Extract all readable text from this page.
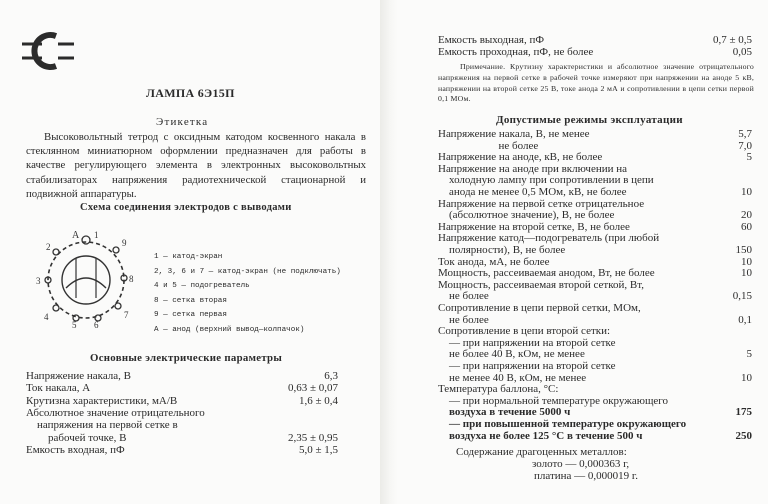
ЛАМПА 6Э15П
Этикетка
Высоковольтный тетрод с оксидным катодом косвенного накала в стеклянном миниатюрном оформлении предназначен для работы в качестве регулирующего элемента в электронных высоковольтных стабилизаторах напряжения радиотехнической стационарной и подвижной аппаратуры.
Схема соединения электродов с выводами
А 1
2
3
4
5 6
7
8
9
1 — катод-экран
2, 3, 6 и 7 — катод-экран (не подключать)
4 и 5 — подогреватель
8 — сетка вторая
9 — сетка первая
А — анод (верхний вывод—колпачок)
Основные электрические параметры
Напряжение накала, В	6,3
Ток накала, А	0,63 ± 0,07
Крутизна характеристики, мА/В	1,6 ± 0,4
Абсолютное значение отрицательного
напряжения на первой сетке в
рабочей точке, В	2,35 ± 0,95
Емкость входная, пФ	5,0 ± 1,5
Емкость выходная, пФ	0,7 ± 0,5
Емкость проходная, пФ, не более	0,05
Примечание. Крутизну характеристики и абсолютное значение отрицательного напряжения на первой сетке в рабочей точке измеряют при напряжении на аноде 5 кВ, напряжении на второй сетке 25 В, токе анода 2 мА и сопротивлении в цепи сетки первой 0,1 МОм.
Допустимые режимы эксплуатации
Напряжение накала, В, не менее	5,7
не более	7,0
Напряжение на аноде, кВ, не более	5
Напряжение на аноде при включении на
холодную лампу при сопротивлении в цепи
анода не менее 0,5 МОм, кВ, не более	10
Напряжение на первой сетке отрицательное
(абсолютное значение), В, не более	20
Напряжение на второй сетке, В, не более	60
Напряжение катод—подогреватель (при любой
полярности), В, не более	150
Ток анода, мА, не более	10
Мощность, рассеиваемая анодом, Вт, не более	10
Мощность, рассеиваемая второй сеткой, Вт,
не более	0,15
Сопротивление в цепи первой сетки, МОм,
не более	0,1
Сопротивление в цепи второй сетки:
— при напряжении на второй сетке
не более 40 В, кОм, не менее	5
— при напряжении на второй сетке
не менее 40 В, кОм, не менее	10
Температура баллона, °С:
— при нормальной температуре окружающего
воздуха в течение 5000 ч	175
— при повышенной температуре окружающего
воздуха не более 125 °С в течение 500 ч	250
Содержание драгоценных металлов:
золото — 0,000363 г,
платина — 0,000019 г.
